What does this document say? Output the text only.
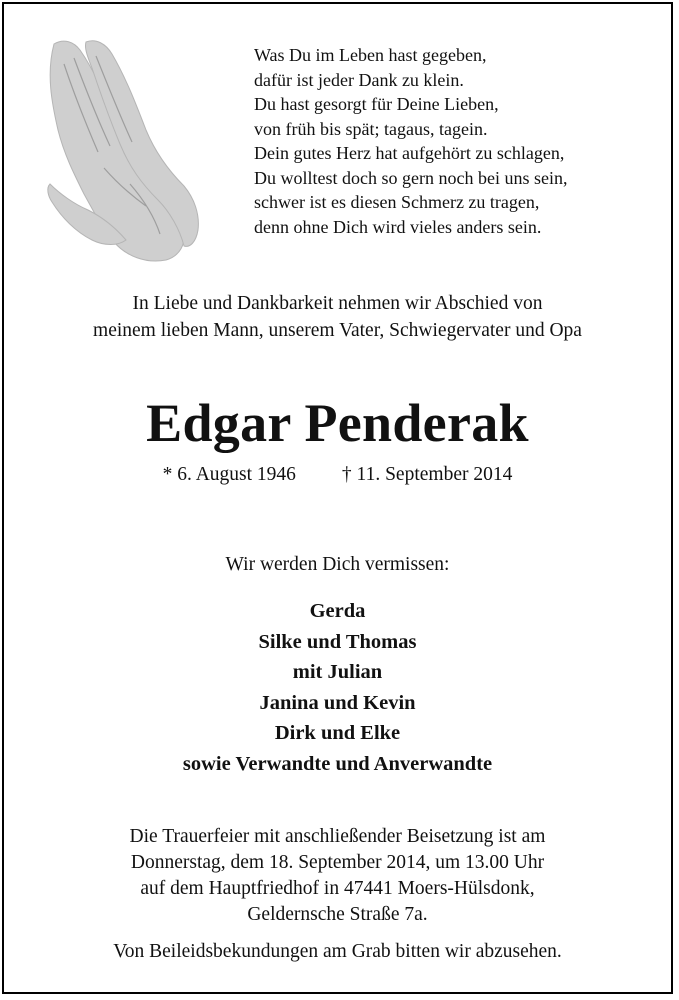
Was Du im Leben hast gegeben,
dafür ist jeder Dank zu klein.
Du hast gesorgt für Deine Lieben,
von früh bis spät; tagaus, tagein.
Dein gutes Herz hat aufgehört zu schlagen,
Du wolltest doch so gern noch bei uns sein,
schwer ist es diesen Schmerz zu tragen,
denn ohne Dich wird vieles anders sein.
In Liebe und Dankbarkeit nehmen wir Abschied von
meinem lieben Mann, unserem Vater, Schwiegervater und Opa
Edgar Penderak
* 6. August 1946 † 11. September 2014
Wir werden Dich vermissen:
Gerda
Silke und Thomas
mit Julian
Janina und Kevin
Dirk und Elke
sowie Verwandte und Anverwandte
Die Trauerfeier mit anschließender Beisetzung ist am
Donnerstag, dem 18. September 2014, um 13.00 Uhr
auf dem Hauptfriedhof in 47441 Moers-Hülsdonk,
Geldernsche Straße 7a.
Von Beileidsbekundungen am Grab bitten wir abzusehen.
